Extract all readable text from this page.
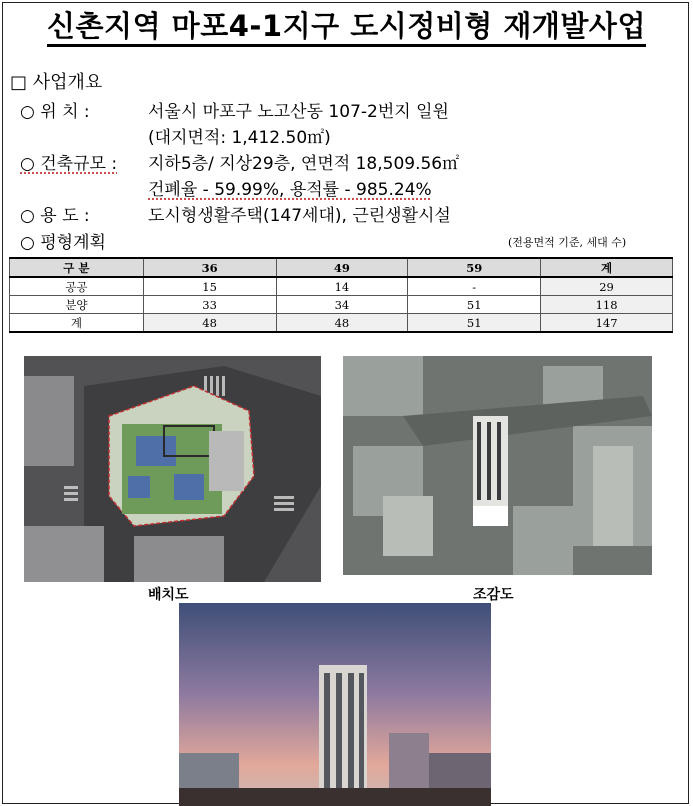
신촌지역 마포4-1지구 도시정비형 재개발사업
□ 사업개요
○ 위 치 :	서울시 마포구 노고산동 107-2번지 일원
(대지면적: 1,412.50㎡)
○ 건축규모 : 지하5층/ 지상29층, 연면적 18,509.56㎡
건폐율 - 59.99%, 용적률 - 985.24%
○ 용 도 :	도시형생활주택(147세대), 근린생활시설
○ 평형계획	(전용면적 기준, 세대 수)
구 분	36	49	59	계
공공	15	14	-	29
분양	33	34	51	118
계	48	48	51	147
배치도	조감도
